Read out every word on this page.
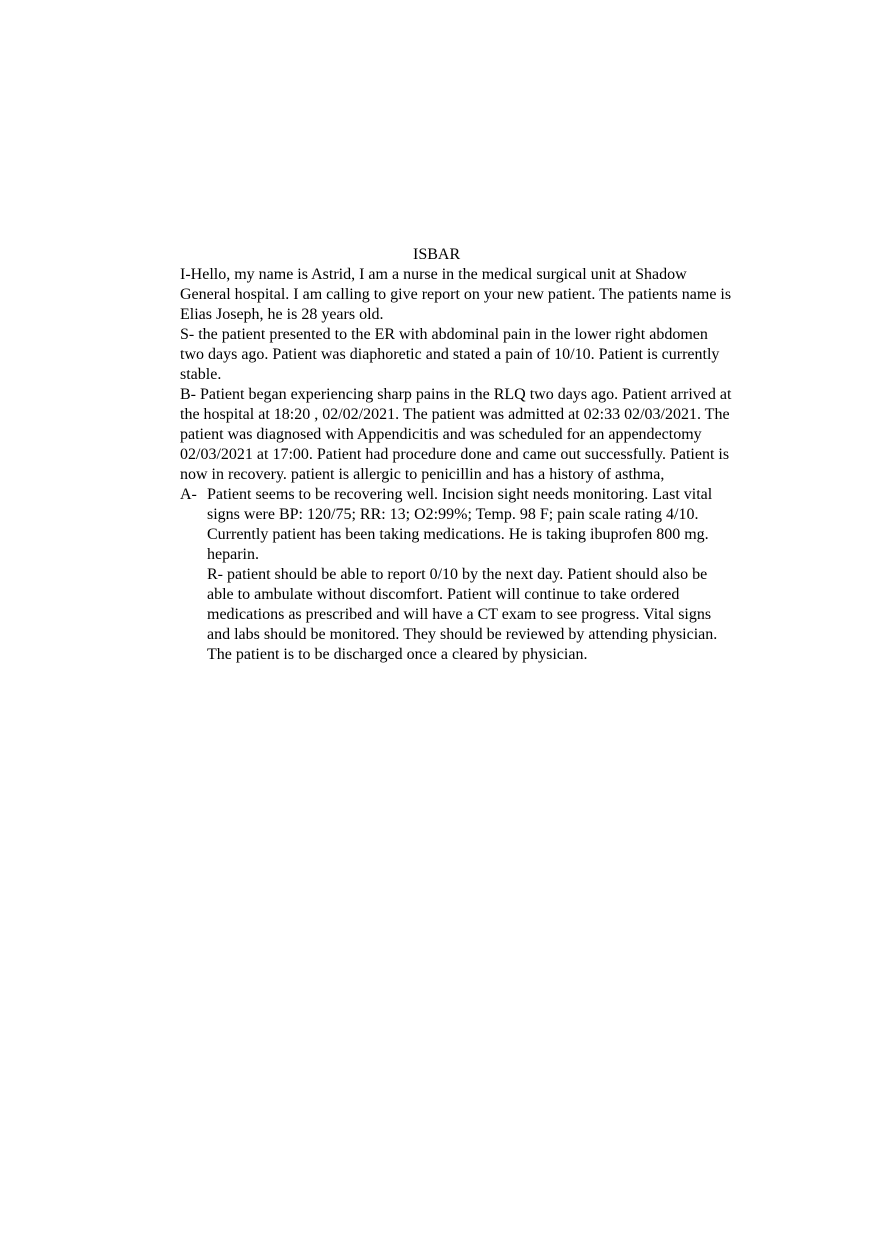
ISBAR
I-Hello, my name is Astrid, I am a nurse in the medical surgical unit at Shadow
General hospital. I am calling to give report on your new patient. The patients name is
Elias Joseph, he is 28 years old.
S- the patient presented to the ER with abdominal pain in the lower right abdomen
two days ago. Patient was diaphoretic and stated a pain of 10/10. Patient is currently
stable.
B- Patient began experiencing sharp pains in the RLQ two days ago. Patient arrived at
the hospital at 18:20 , 02/02/2021. The patient was admitted at 02:33 02/03/2021. The
patient was diagnosed with Appendicitis and was scheduled for an appendectomy
02/03/2021 at 17:00. Patient had procedure done and came out successfully. Patient is
now in recovery. patient is allergic to penicillin and has a history of asthma,
A- Patient seems to be recovering well. Incision sight needs monitoring. Last vital
signs were BP: 120/75; RR: 13; O2:99%; Temp. 98 F; pain scale rating 4/10.
Currently patient has been taking medications. He is taking ibuprofen 800 mg.
heparin.
R- patient should be able to report 0/10 by the next day. Patient should also be
able to ambulate without discomfort. Patient will continue to take ordered
medications as prescribed and will have a CT exam to see progress. Vital signs
and labs should be monitored. They should be reviewed by attending physician.
The patient is to be discharged once a cleared by physician.
